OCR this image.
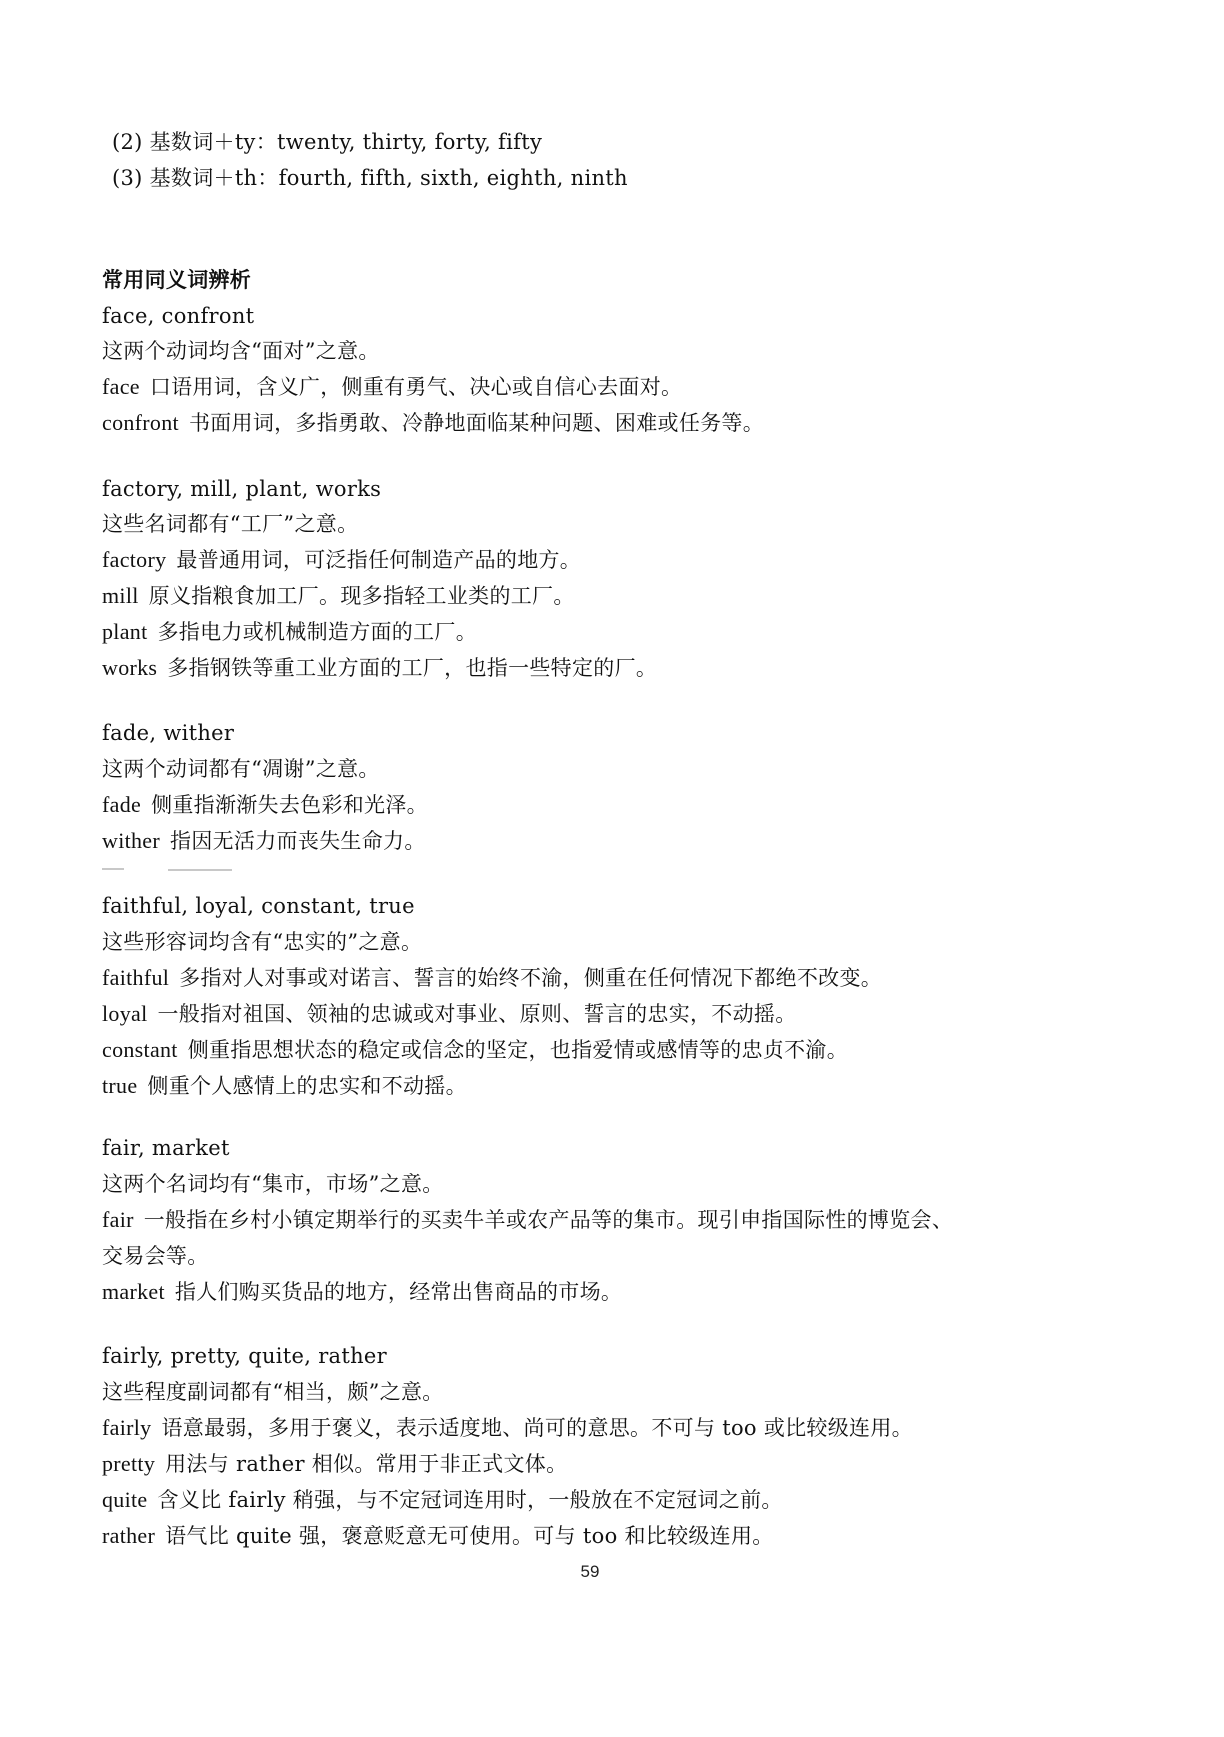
(2) 基数词＋ty：twenty, thirty, forty, fifty
(3) 基数词＋th：fourth, fifth, sixth, eighth, ninth
常用同义词辨析
face, confront
这两个动词均含“面对”之意。
face 口语用词，含义广，侧重有勇气、决心或自信心去面对。
confront 书面用词，多指勇敢、冷静地面临某种问题、困难或任务等。
factory, mill, plant, works
这些名词都有“工厂”之意。
factory 最普通用词，可泛指任何制造产品的地方。
mill 原义指粮食加工厂。现多指轻工业类的工厂。
plant 多指电力或机械制造方面的工厂。
works 多指钢铁等重工业方面的工厂，也指一些特定的厂。
fade, wither
这两个动词都有“凋谢”之意。
fade 侧重指渐渐失去色彩和光泽。
wither 指因无活力而丧失生命力。
faithful, loyal, constant, true
这些形容词均含有“忠实的”之意。
faithful 多指对人对事或对诺言、誓言的始终不渝，侧重在任何情况下都绝不改变。
loyal 一般指对祖国、领袖的忠诚或对事业、原则、誓言的忠实，不动摇。
constant 侧重指思想状态的稳定或信念的坚定，也指爱情或感情等的忠贞不渝。
true 侧重个人感情上的忠实和不动摇。
fair, market
这两个名词均有“集市，市场”之意。
fair 一般指在乡村小镇定期举行的买卖牛羊或农产品等的集市。现引申指国际性的博览会、
交易会等。
market 指人们购买货品的地方，经常出售商品的市场。
fairly, pretty, quite, rather
这些程度副词都有“相当，颇”之意。
fairly 语意最弱，多用于褒义，表示适度地、尚可的意思。不可与 too 或比较级连用。
pretty 用法与 rather 相似。常用于非正式文体。
quite 含义比 fairly 稍强，与不定冠词连用时，一般放在不定冠词之前。
rather 语气比 quite 强，褒意贬意无可使用。可与 too 和比较级连用。
59
